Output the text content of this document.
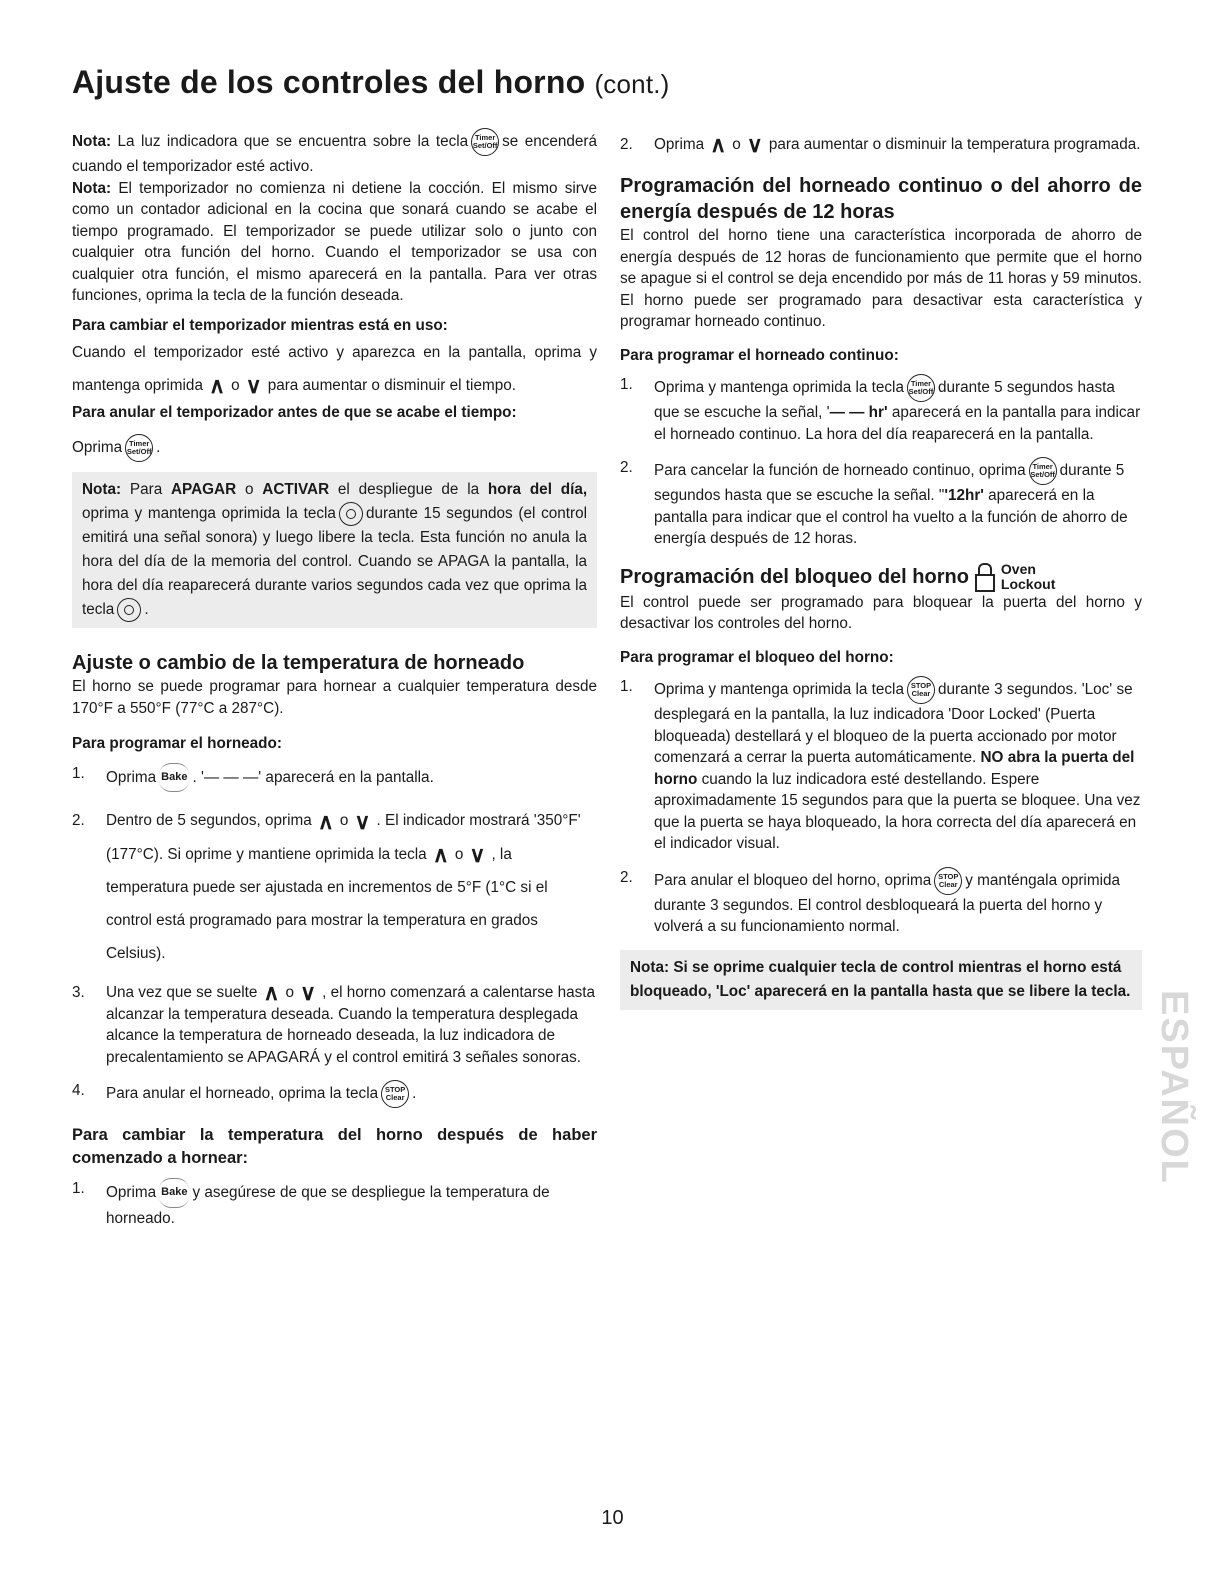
Ajuste de los controles del horno (cont.)

Nota: La luz indicadora que se encuentra sobre la tecla Timer
Set/Off se encenderá cuando el temporizador esté activo.

Nota: El temporizador no comienza ni detiene la cocción. El mismo sirve como un contador adicional en la cocina que sonará cuando se acabe el tiempo programado. El temporizador se puede utilizar solo o junto con cualquier otra función del horno. Cuando el temporizador se usa con cualquier otra función, el mismo aparecerá en la pantalla. Para ver otras funciones, oprima la tecla de la función deseada.

Para cambiar el temporizador mientras está en uso:

Cuando el temporizador esté activo y aparezca en la pantalla, oprima y mantenga oprimida ∧ o ∨ para aumentar o disminuir el tiempo.

Para anular el temporizador antes de que se acabe el tiempo:

Oprima Timer
Set/Off .

Nota: Para APAGAR o ACTIVAR el despliegue de la hora del día, oprima y mantenga oprimida la tecla durante 15 segundos (el control emitirá una señal sonora) y luego libere la tecla. Esta función no anula la hora del día de la memoria del control. Cuando se APAGA la pantalla, la hora del día reaparecerá durante varios segundos cada vez que oprima la tecla .

Ajuste o cambio de la temperatura de horneado

El horno se puede programar para hornear a cualquier temperatura desde 170°F a 550°F (77°C a 287°C).

Para programar el horneado:

1.	Oprima Bake . '— — —' aparecerá en la pantalla.
2.	Dentro de 5 segundos, oprima ∧ o ∨ . El indicador mostrará '350°F' (177°C). Si oprime y mantiene oprimida la tecla ∧ o ∨ , la temperatura puede ser ajustada en incrementos de 5°F (1°C si el control está programado para mostrar la temperatura en grados Celsius).
3.	Una vez que se suelte ∧ o ∨ , el horno comenzará a calentarse hasta alcanzar la temperatura deseada. Cuando la temperatura desplegada alcance la temperatura de horneado deseada, la luz indicadora de precalentamiento se APAGARÁ y el control emitirá 3 señales sonoras.
4.	Para anular el horneado, oprima la tecla STOP
Clear .

Para cambiar la temperatura del horno después de haber comenzado a hornear:

1.	Oprima Bake y asegúrese de que se despliegue la temperatura de horneado.
2.	Oprima ∧ o ∨ para aumentar o disminuir la temperatura programada.

Programación del horneado continuo o del ahorro de energía después de 12 horas

El control del horno tiene una característica incorporada de ahorro de energía después de 12 horas de funcionamiento que permite que el horno se apague si el control se deja encendido por más de 11 horas y 59 minutos. El horno puede ser programado para desactivar esta característica y programar horneado continuo.

Para programar el horneado continuo:

1.	Oprima y mantenga oprimida la tecla Timer
Set/Off durante 5 segundos hasta que se escuche la señal, '— — hr' aparecerá en la pantalla para indicar el horneado continuo. La hora del día reaparecerá en la pantalla.
2.	Para cancelar la función de horneado continuo, oprima Timer
Set/Off durante 5 segundos hasta que se escuche la señal. "'12hr' aparecerá en la pantalla para indicar que el control ha vuelto a la función de ahorro de energía después de 12 horas.
Programación del bloqueo del horno Oven
Lockout

El control puede ser programado para bloquear la puerta del horno y desactivar los controles del horno.

Para programar el bloqueo del horno:

1.	Oprima y mantenga oprimida la tecla STOP
Clear durante 3 segundos. 'Loc' se desplegará en la pantalla, la luz indicadora 'Door Locked' (Puerta bloqueada) destellará y el bloqueo de la puerta accionado por motor comenzará a cerrar la puerta automáticamente. NO abra la puerta del horno cuando la luz indicadora esté destellando. Espere aproximadamente 15 segundos para que la puerta se bloquee. Una vez que la puerta se haya bloqueado, la hora correcta del día aparecerá en el indicador visual.
2.	Para anular el bloqueo del horno, oprima STOP
Clear y manténgala oprimida durante 3 segundos. El control desbloqueará la puerta del horno y volverá a su funcionamiento normal.
Nota: Si se oprime cualquier tecla de control mientras el horno está bloqueado, 'Loc' aparecerá en la pantalla hasta que se libere la tecla. ESPAÑOL
10
